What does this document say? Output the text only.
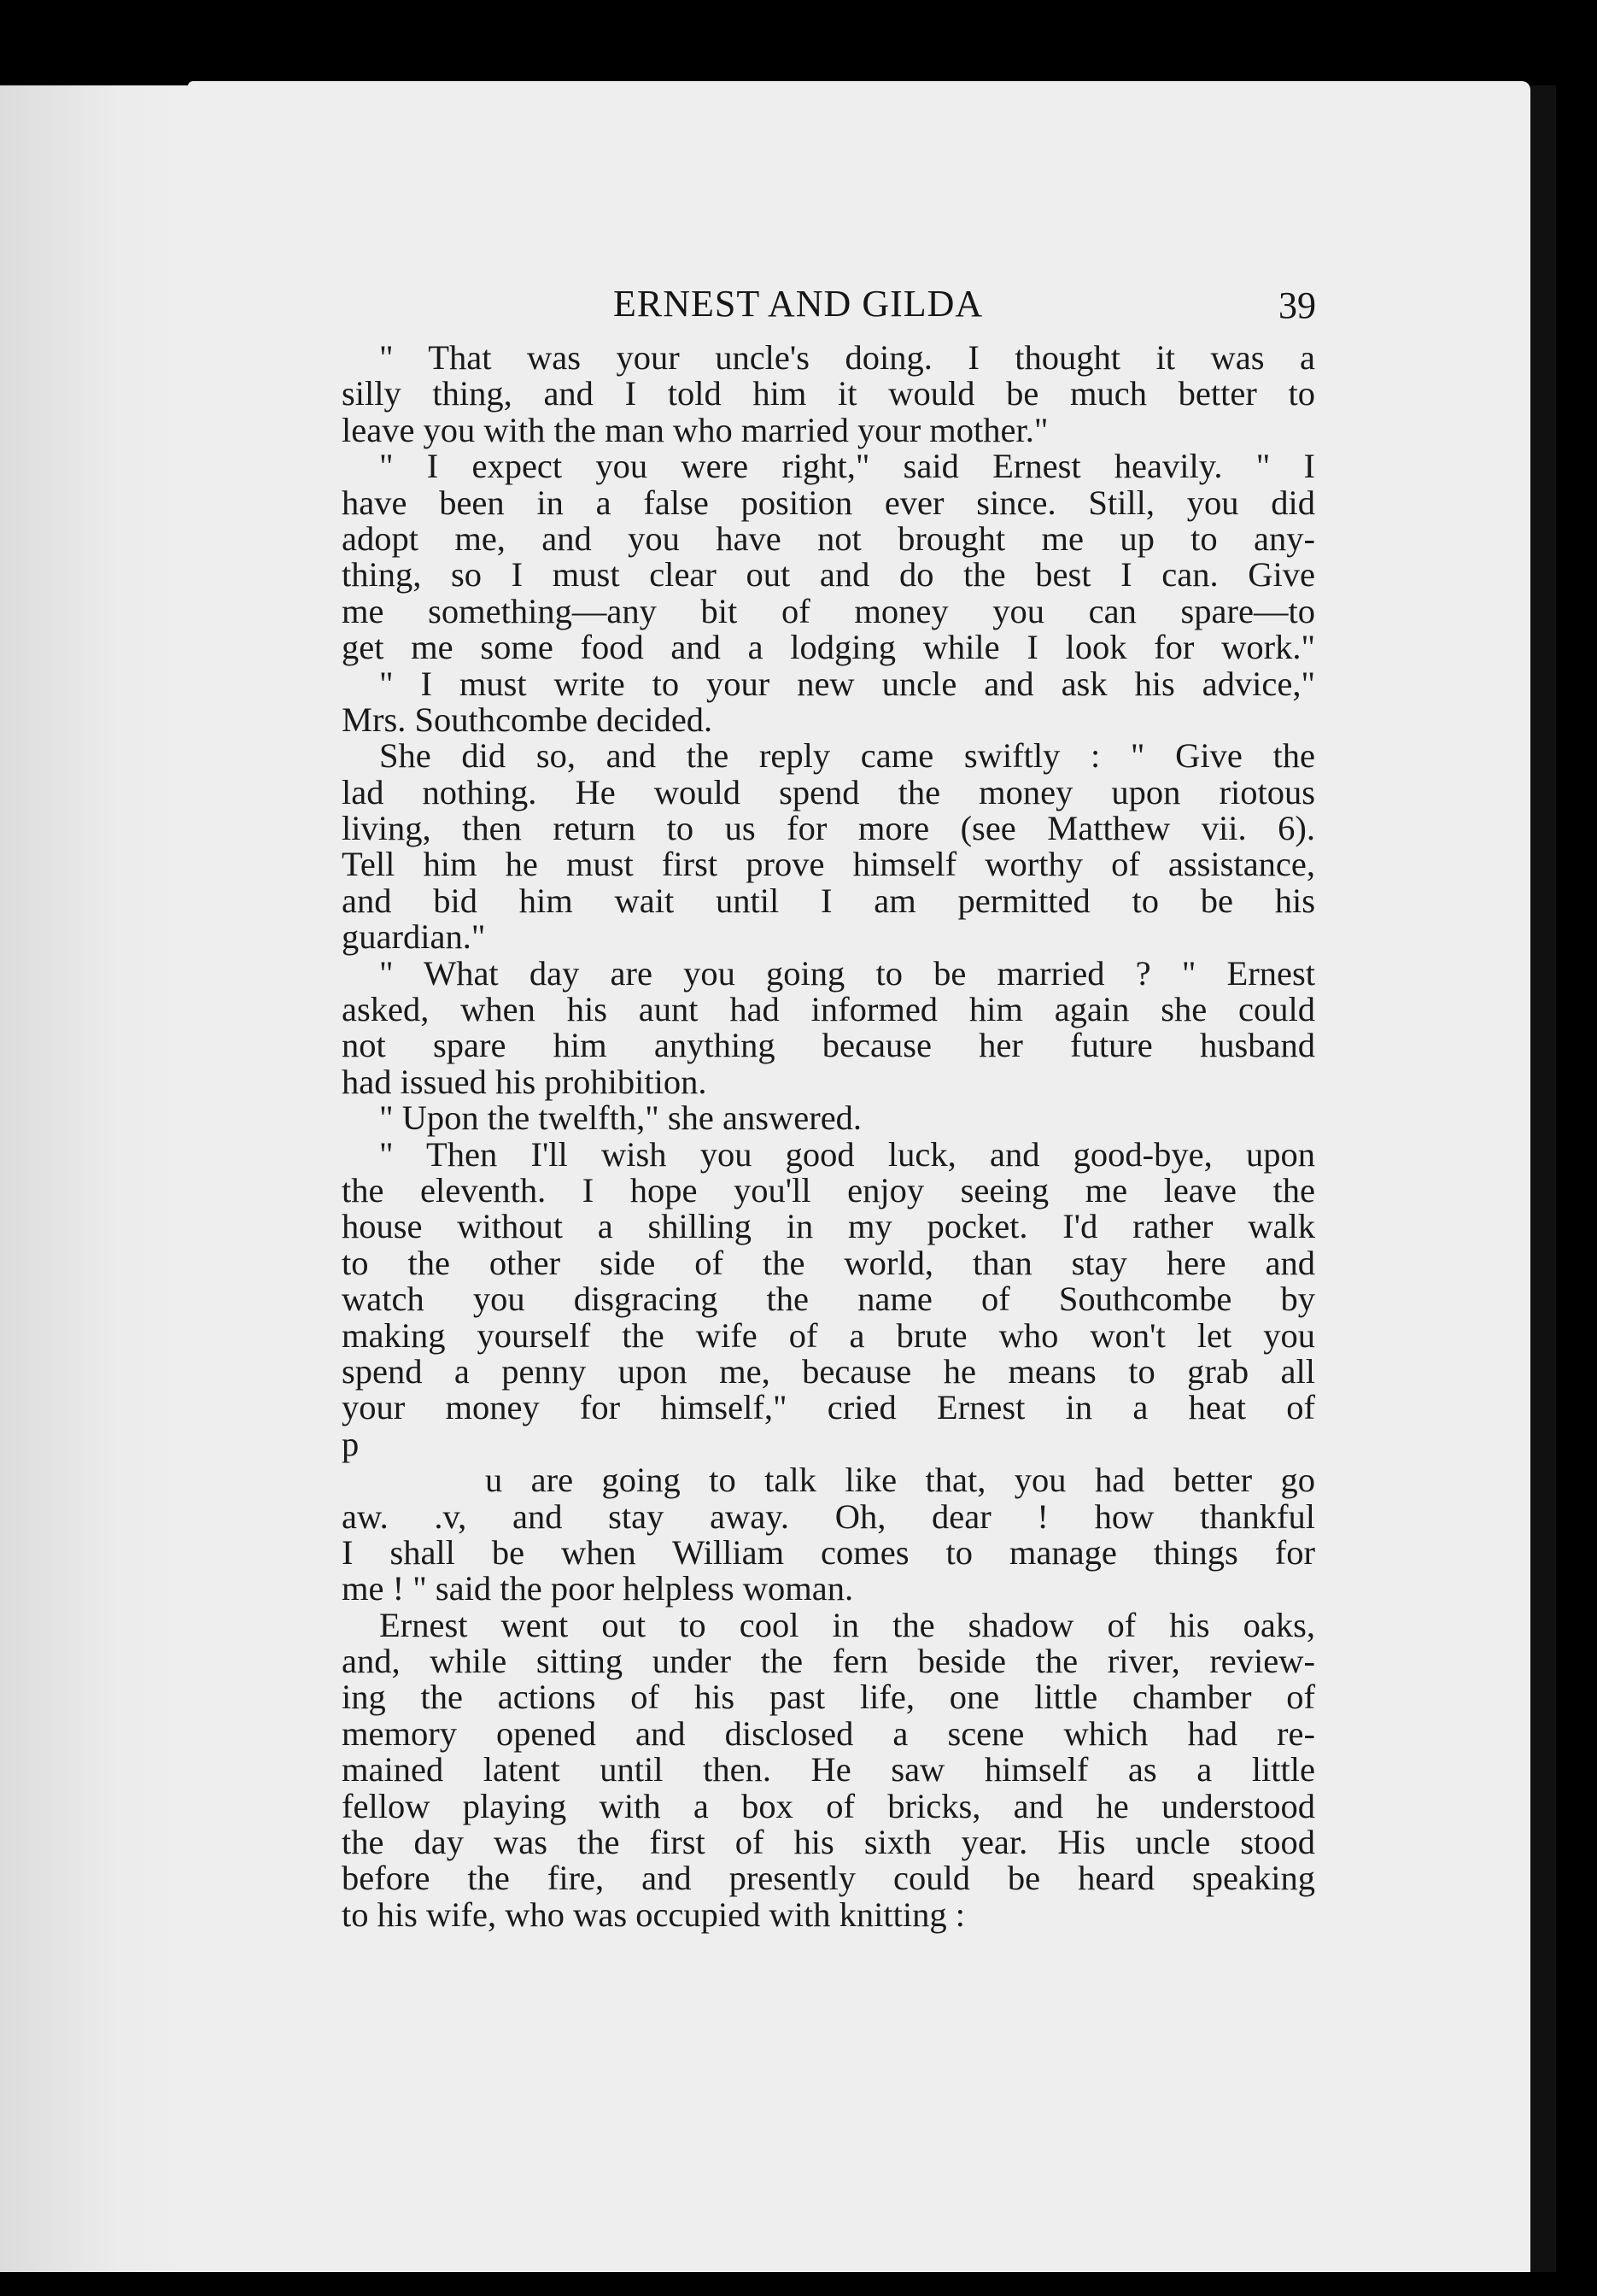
ERNEST AND GILDA	39
" That was your uncle's doing. I thought it was a
silly thing, and I told him it would be much better to
leave you with the man who married your mother."
" I expect you were right," said Ernest heavily. " I
have been in a false position ever since. Still, you did
adopt me, and you have not brought me up to any-
thing, so I must clear out and do the best I can. Give
me something—any bit of money you can spare—to
get me some food and a lodging while I look for work."
" I must write to your new uncle and ask his advice,"
Mrs. Southcombe decided.
She did so, and the reply came swiftly : " Give the
lad nothing. He would spend the money upon riotous
living, then return to us for more (see Matthew vii. 6).
Tell him he must first prove himself worthy of assistance,
and bid him wait until I am permitted to be his
guardian."
" What day are you going to be married ? " Ernest
asked, when his aunt had informed him again she could
not spare him anything because her future husband
had issued his prohibition.
" Upon the twelfth," she answered.
" Then I'll wish you good luck, and good-bye, upon
the eleventh. I hope you'll enjoy seeing me leave the
house without a shilling in my pocket. I'd rather walk
to the other side of the world, than stay here and
watch you disgracing the name of Southcombe by
making yourself the wife of a brute who won't let you
spend a penny upon me, because he means to grab all
your money for himself," cried Ernest in a heat of
p
u are going to talk like that, you had better go
aw. .v, and stay away. Oh, dear ! how thankful
I shall be when William comes to manage things for
me ! " said the poor helpless woman.
Ernest went out to cool in the shadow of his oaks,
and, while sitting under the fern beside the river, review-
ing the actions of his past life, one little chamber of
memory opened and disclosed a scene which had re-
mained latent until then. He saw himself as a little
fellow playing with a box of bricks, and he understood
the day was the first of his sixth year. His uncle stood
before the fire, and presently could be heard speaking
to his wife, who was occupied with knitting :
